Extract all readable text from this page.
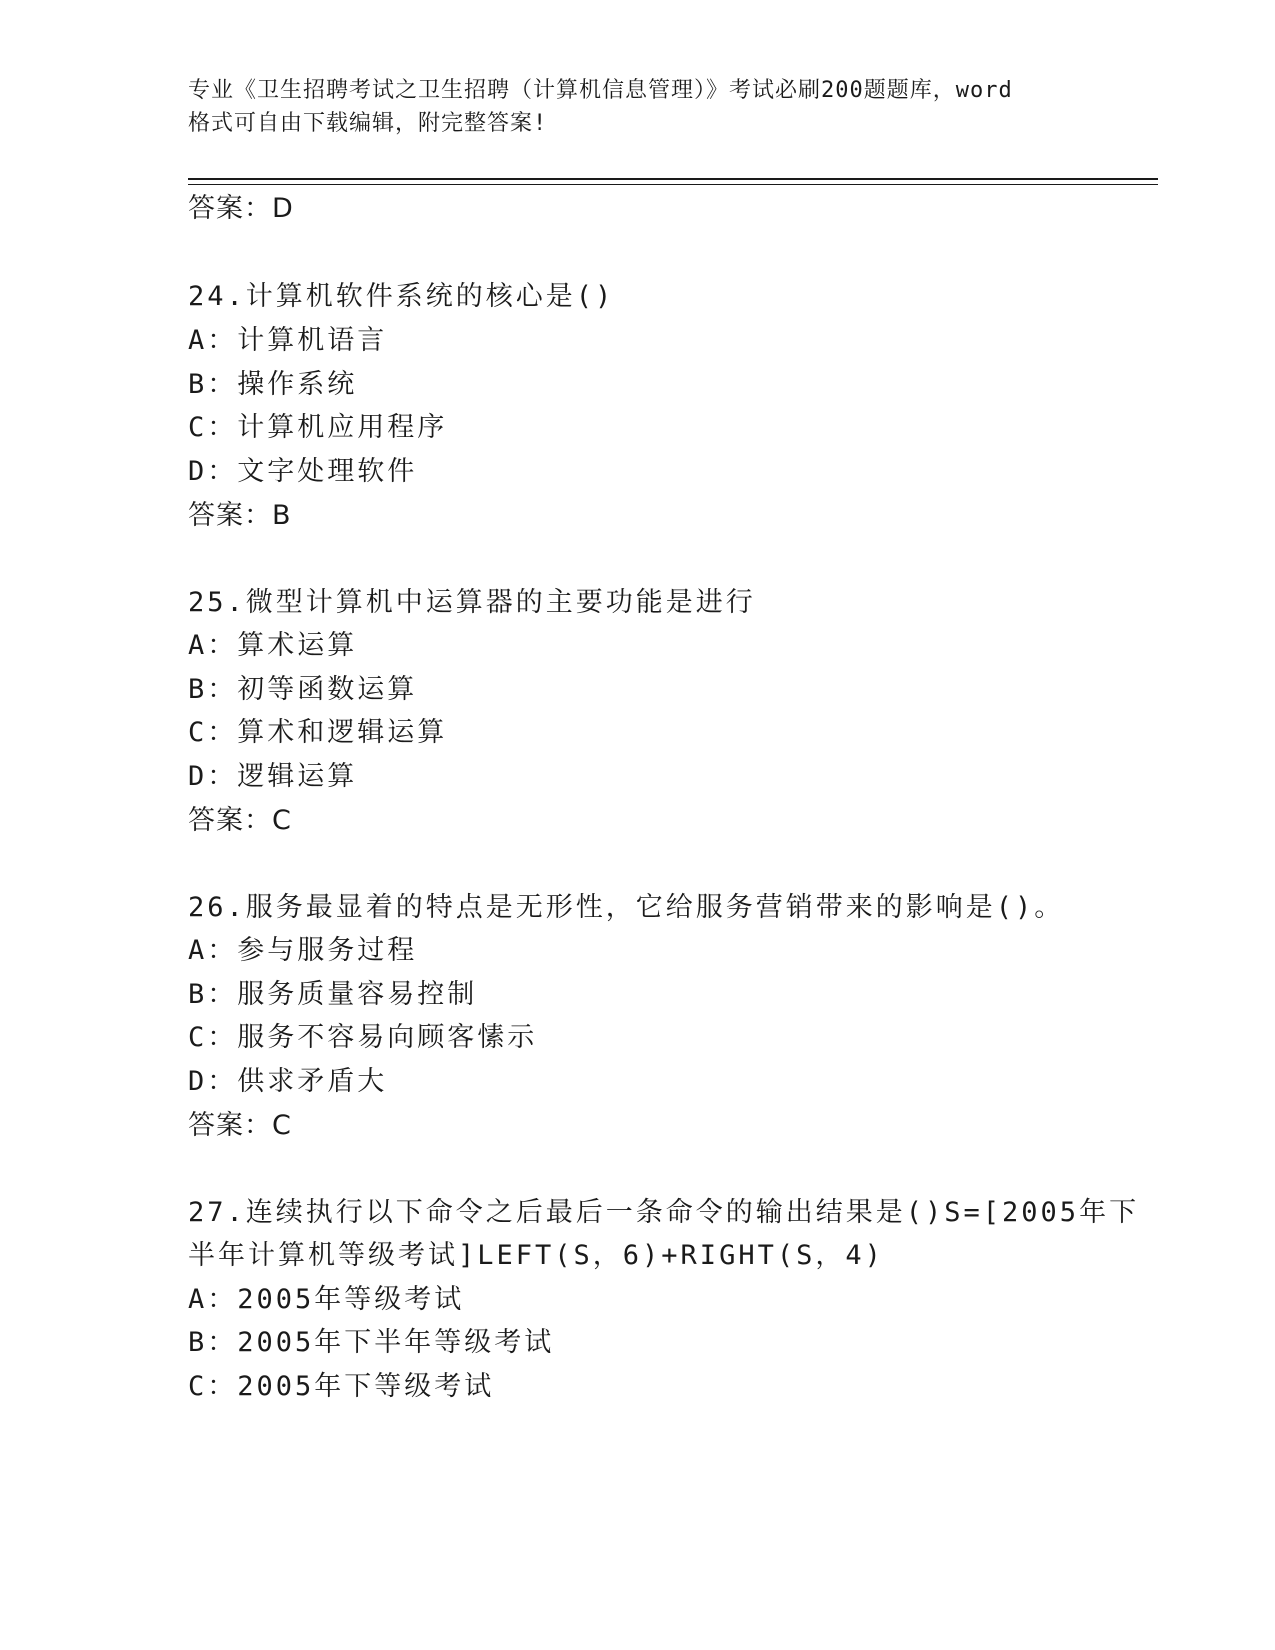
专业《卫生招聘考试之卫生招聘（计算机信息管理）》考试必刷200题题库，word
格式可自由下载编辑，附完整答案!
答案：D
24.计算机软件系统的核心是()
A：计算机语言
B：操作系统
C：计算机应用程序
D：文字处理软件
答案：B
25.微型计算机中运算器的主要功能是进行
A：算术运算
B：初等函数运算
C：算术和逻辑运算
D：逻辑运算
答案：C
26.服务最显着的特点是无形性，它给服务营销带来的影响是()。
A：参与服务过程
B：服务质量容易控制
C：服务不容易向顾客愫示
D：供求矛盾大
答案：C
27.连续执行以下命令之后最后一条命令的输出结果是()S=[2005年下
半年计算机等级考试]LEFT(S，6)+RIGHT(S，4)
A：2005年等级考试
B：2005年下半年等级考试
C：2005年下等级考试
